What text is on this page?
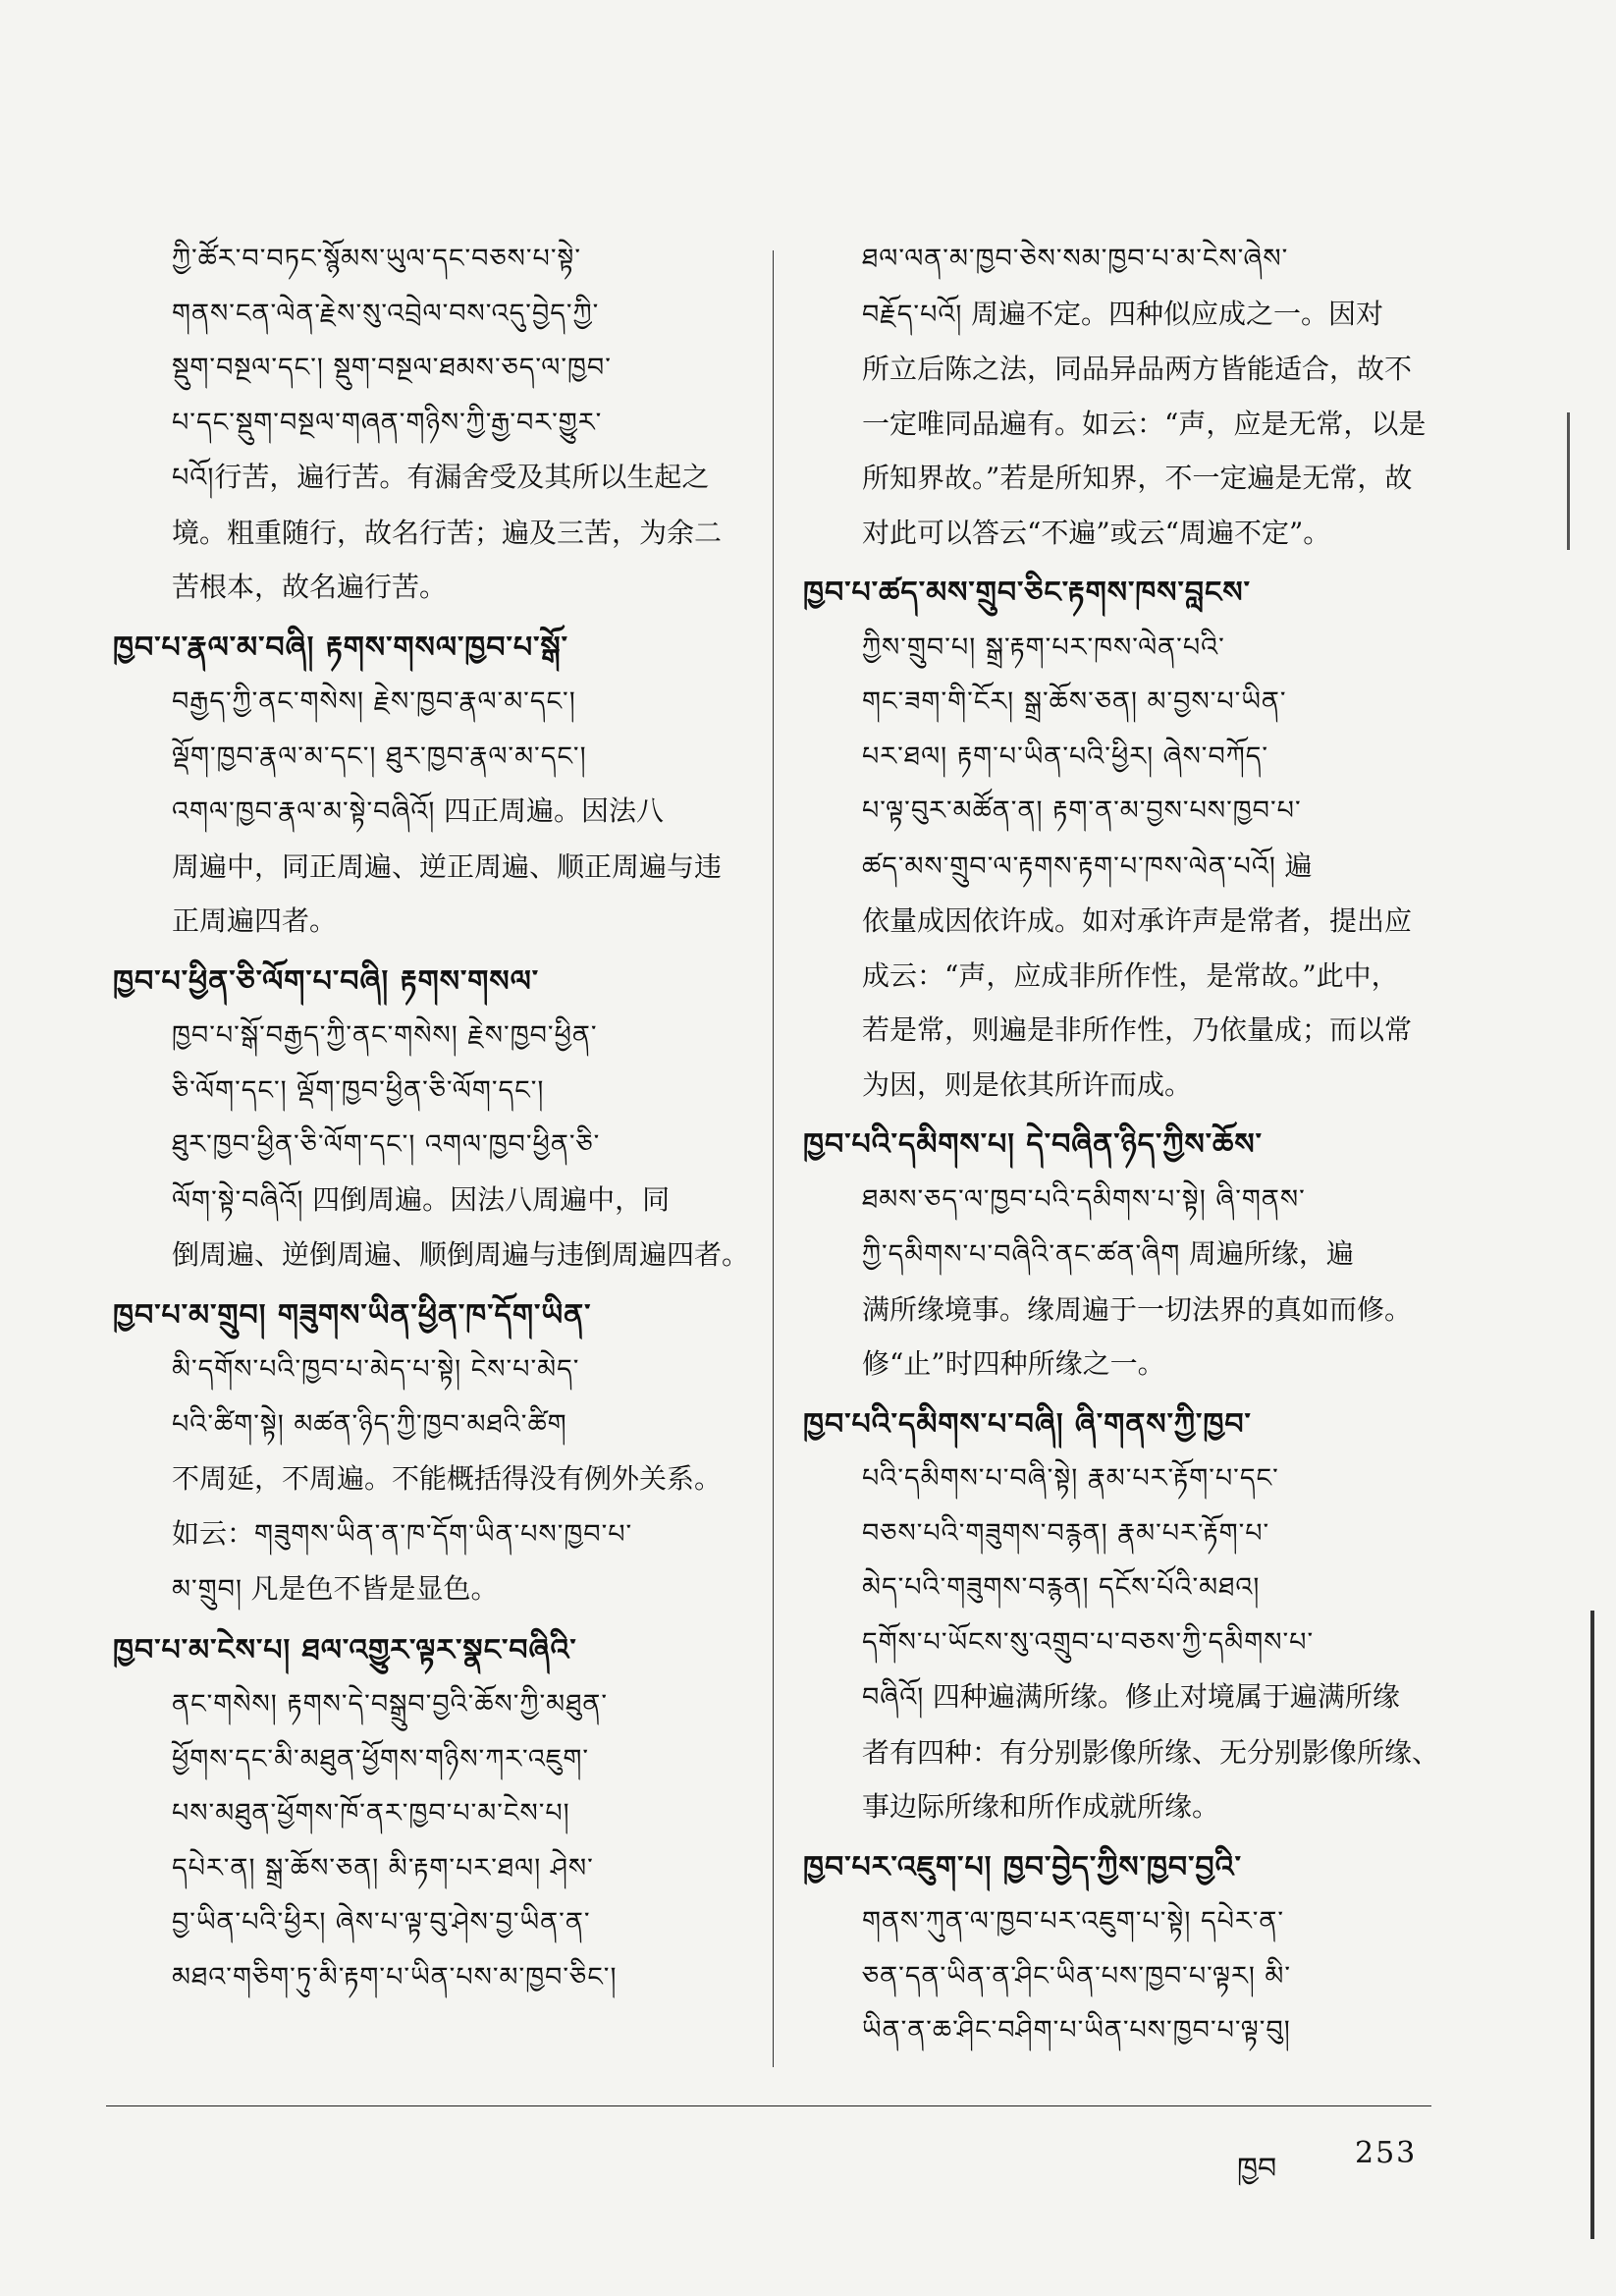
ཀྱི་ཚོར་བ་བཏང་སྙོམས་ཡུལ་དང་བཅས་པ་སྟེ་
གནས་ངན་ལེན་རྗེས་སུ་འབྲེལ་བས་འདུ་བྱེད་ཀྱི་
སྡུག་བསྔལ་དང་། སྡུག་བསྔལ་ཐམས་ཅད་ལ་ཁྱབ་
པ་དང་སྡུག་བསྔལ་གཞན་གཉིས་ཀྱི་རྒྱ་བར་གྱུར་
པའོ།行苦，遍行苦。有漏舍受及其所以生起之
境。粗重随行，故名行苦；遍及三苦，为余二
苦根本，故名遍行苦。
ཁྱབ་པ་རྣལ་མ་བཞི། རྟགས་གསལ་ཁྱབ་པ་སྒོ་
བརྒྱད་ཀྱི་ནང་གསེས། རྗེས་ཁྱབ་རྣལ་མ་དང་།
ལྡོག་ཁྱབ་རྣལ་མ་དང་། ཐུར་ཁྱབ་རྣལ་མ་དང་།
འགལ་ཁྱབ་རྣལ་མ་སྟེ་བཞིའོ། 四正周遍。因法八
周遍中，同正周遍、逆正周遍、顺正周遍与违
正周遍四者。
ཁྱབ་པ་ཕྱིན་ཅི་ལོག་པ་བཞི། རྟགས་གསལ་
ཁྱབ་པ་སྒོ་བརྒྱད་ཀྱི་ནང་གསེས། རྗེས་ཁྱབ་ཕྱིན་
ཅི་ལོག་དང་། ལྡོག་ཁྱབ་ཕྱིན་ཅི་ལོག་དང་།
ཐུར་ཁྱབ་ཕྱིན་ཅི་ལོག་དང་། འགལ་ཁྱབ་ཕྱིན་ཅི་
ལོག་སྟེ་བཞིའོ། 四倒周遍。因法八周遍中，同
倒周遍、逆倒周遍、顺倒周遍与违倒周遍四者。
ཁྱབ་པ་མ་གྲུབ། གཟུགས་ཡིན་ཕྱིན་ཁ་དོག་ཡིན་
མི་དགོས་པའི་ཁྱབ་པ་མེད་པ་སྟེ། ངེས་པ་མེད་
པའི་ཚིག་སྟེ། མཚན་ཉིད་ཀྱི་ཁྱབ་མཐའི་ཚིག
不周延，不周遍。不能概括得没有例外关系。
如云：གཟུགས་ཡིན་ན་ཁ་དོག་ཡིན་པས་ཁྱབ་པ་
མ་གྲུབ། 凡是色不皆是显色。
ཁྱབ་པ་མ་ངེས་པ། ཐལ་འགྱུར་ལྟར་སྣང་བཞིའི་
ནང་གསེས། རྟགས་དེ་བསྒྲུབ་བྱའི་ཆོས་ཀྱི་མཐུན་
ཕྱོགས་དང་མི་མཐུན་ཕྱོགས་གཉིས་ཀར་འཇུག་
པས་མཐུན་ཕྱོགས་ཁོ་ནར་ཁྱབ་པ་མ་ངེས་པ།
དཔེར་ན། སྒྲ་ཆོས་ཅན། མི་རྟག་པར་ཐལ། ཤེས་
བྱ་ཡིན་པའི་ཕྱིར། ཞེས་པ་ལྟ་བུ་ཤེས་བྱ་ཡིན་ན་
མཐའ་གཅིག་ཏུ་མི་རྟག་པ་ཡིན་པས་མ་ཁྱབ་ཅིང་།
ཐལ་ལན་མ་ཁྱབ་ཅེས་སམ་ཁྱབ་པ་མ་ངེས་ཞེས་
བརྗོད་པའོ། 周遍不定。四种似应成之一。因对
所立后陈之法，同品异品两方皆能适合，故不
一定唯同品遍有。如云：“声，应是无常，以是
所知界故。”若是所知界，不一定遍是无常，故
对此可以答云“不遍”或云“周遍不定”。
ཁྱབ་པ་ཚད་མས་གྲུབ་ཅིང་རྟགས་ཁས་བླངས་
ཀྱིས་གྲུབ་པ། སྒྲ་རྟག་པར་ཁས་ལེན་པའི་
གང་ཟག་གི་ངོར། སྒྲ་ཆོས་ཅན། མ་བྱས་པ་ཡིན་
པར་ཐལ། རྟག་པ་ཡིན་པའི་ཕྱིར། ཞེས་བཀོད་
པ་ལྟ་བུར་མཚོན་ན། རྟག་ན་མ་བྱས་པས་ཁྱབ་པ་
ཚད་མས་གྲུབ་ལ་རྟགས་རྟག་པ་ཁས་ལེན་པའོ། 遍
依量成因依许成。如对承许声是常者，提出应
成云：“声，应成非所作性，是常故。”此中，
若是常，则遍是非所作性，乃依量成；而以常
为因，则是依其所许而成。
ཁྱབ་པའི་དམིགས་པ། དེ་བཞིན་ཉིད་ཀྱིས་ཆོས་
ཐམས་ཅད་ལ་ཁྱབ་པའི་དམིགས་པ་སྟེ། ཞི་གནས་
ཀྱི་དམིགས་པ་བཞིའི་ནང་ཚན་ཞིག 周遍所缘，遍
满所缘境事。缘周遍于一切法界的真如而修。
修“止”时四种所缘之一。
ཁྱབ་པའི་དམིགས་པ་བཞི། ཞི་གནས་ཀྱི་ཁྱབ་
པའི་དམིགས་པ་བཞི་སྟེ། རྣམ་པར་རྟོག་པ་དང་
བཅས་པའི་གཟུགས་བརྙན། རྣམ་པར་རྟོག་པ་
མེད་པའི་གཟུགས་བརྙན། དངོས་པོའི་མཐའ།
དགོས་པ་ཡོངས་སུ་འགྲུབ་པ་བཅས་ཀྱི་དམིགས་པ་
བཞིའོ། 四种遍满所缘。修止对境属于遍满所缘
者有四种：有分别影像所缘、无分别影像所缘、
事边际所缘和所作成就所缘。
ཁྱབ་པར་འཇུག་པ། ཁྱབ་བྱེད་ཀྱིས་ཁྱབ་བྱའི་
གནས་ཀུན་ལ་ཁྱབ་པར་འཇུག་པ་སྟེ། དཔེར་ན་
ཅན་དན་ཡིན་ན་ཤིང་ཡིན་པས་ཁྱབ་པ་ལྟར། མི་
ཡིན་ན་ཆ་ཤིང་བཤིག་པ་ཡིན་པས་ཁྱབ་པ་ལྟ་བུ།
ཁྱབ	253
